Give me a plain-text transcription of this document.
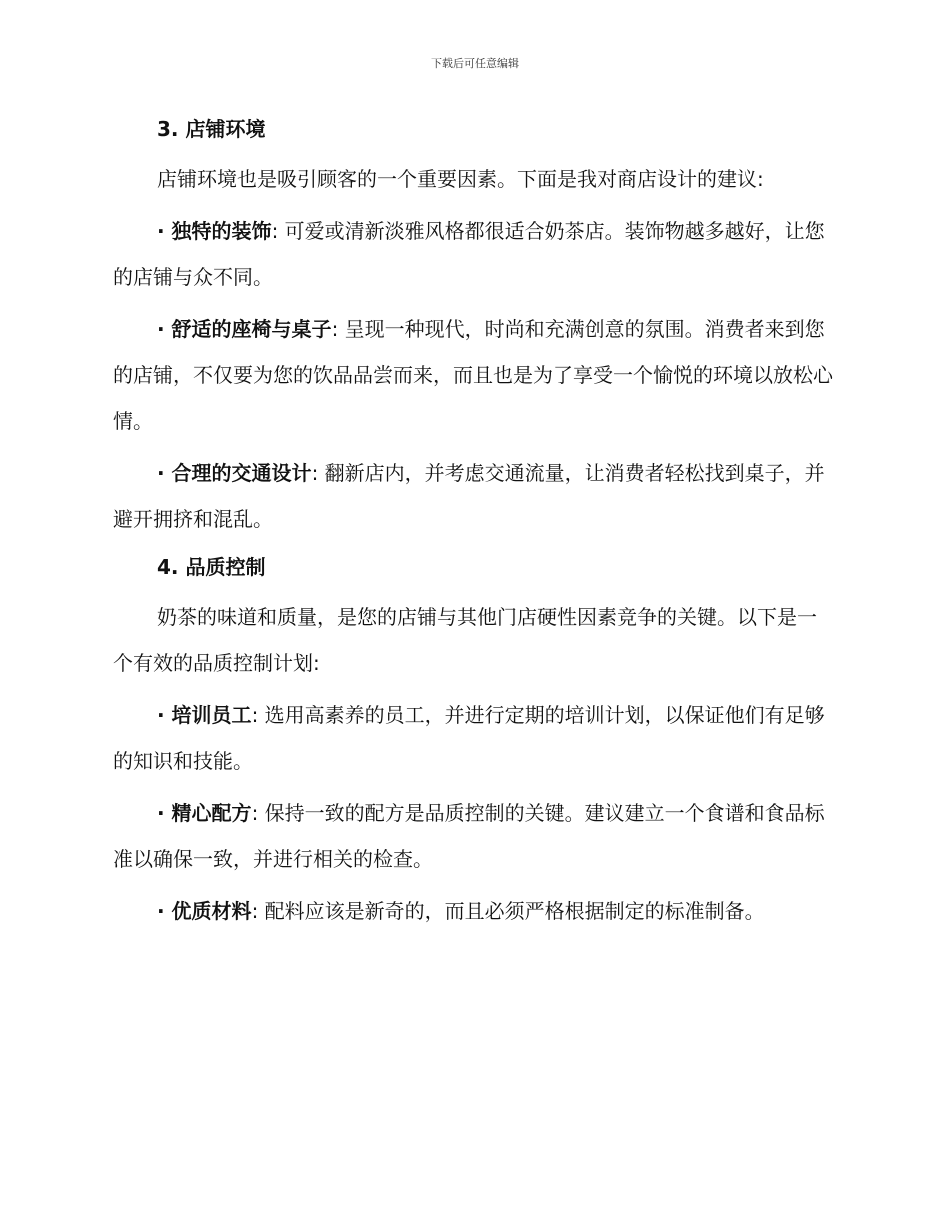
下载后可任意编辑
3. 店铺环境

店铺环境也是吸引顾客的一个重要因素。下面是我对商店设计的建议:

· 独特的装饰: 可爱或清新淡雅风格都很适合奶茶店。装饰物越多越好，让您的店铺与众不同。

· 舒适的座椅与桌子: 呈现一种现代，时尚和充满创意的氛围。消费者来到您的店铺，不仅要为您的饮品品尝而来，而且也是为了享受一个愉悦的环境以放松心情。

· 合理的交通设计: 翻新店内，并考虑交通流量，让消费者轻松找到桌子，并避开拥挤和混乱。

4. 品质控制

奶茶的味道和质量，是您的店铺与其他门店硬性因素竞争的关键。以下是一个有效的品质控制计划:

· 培训员工: 选用高素养的员工，并进行定期的培训计划，以保证他们有足够的知识和技能。

· 精心配方: 保持一致的配方是品质控制的关键。建议建立一个食谱和食品标准以确保一致，并进行相关的检查。

· 优质材料: 配料应该是新奇的，而且必须严格根据制定的标准制备。
